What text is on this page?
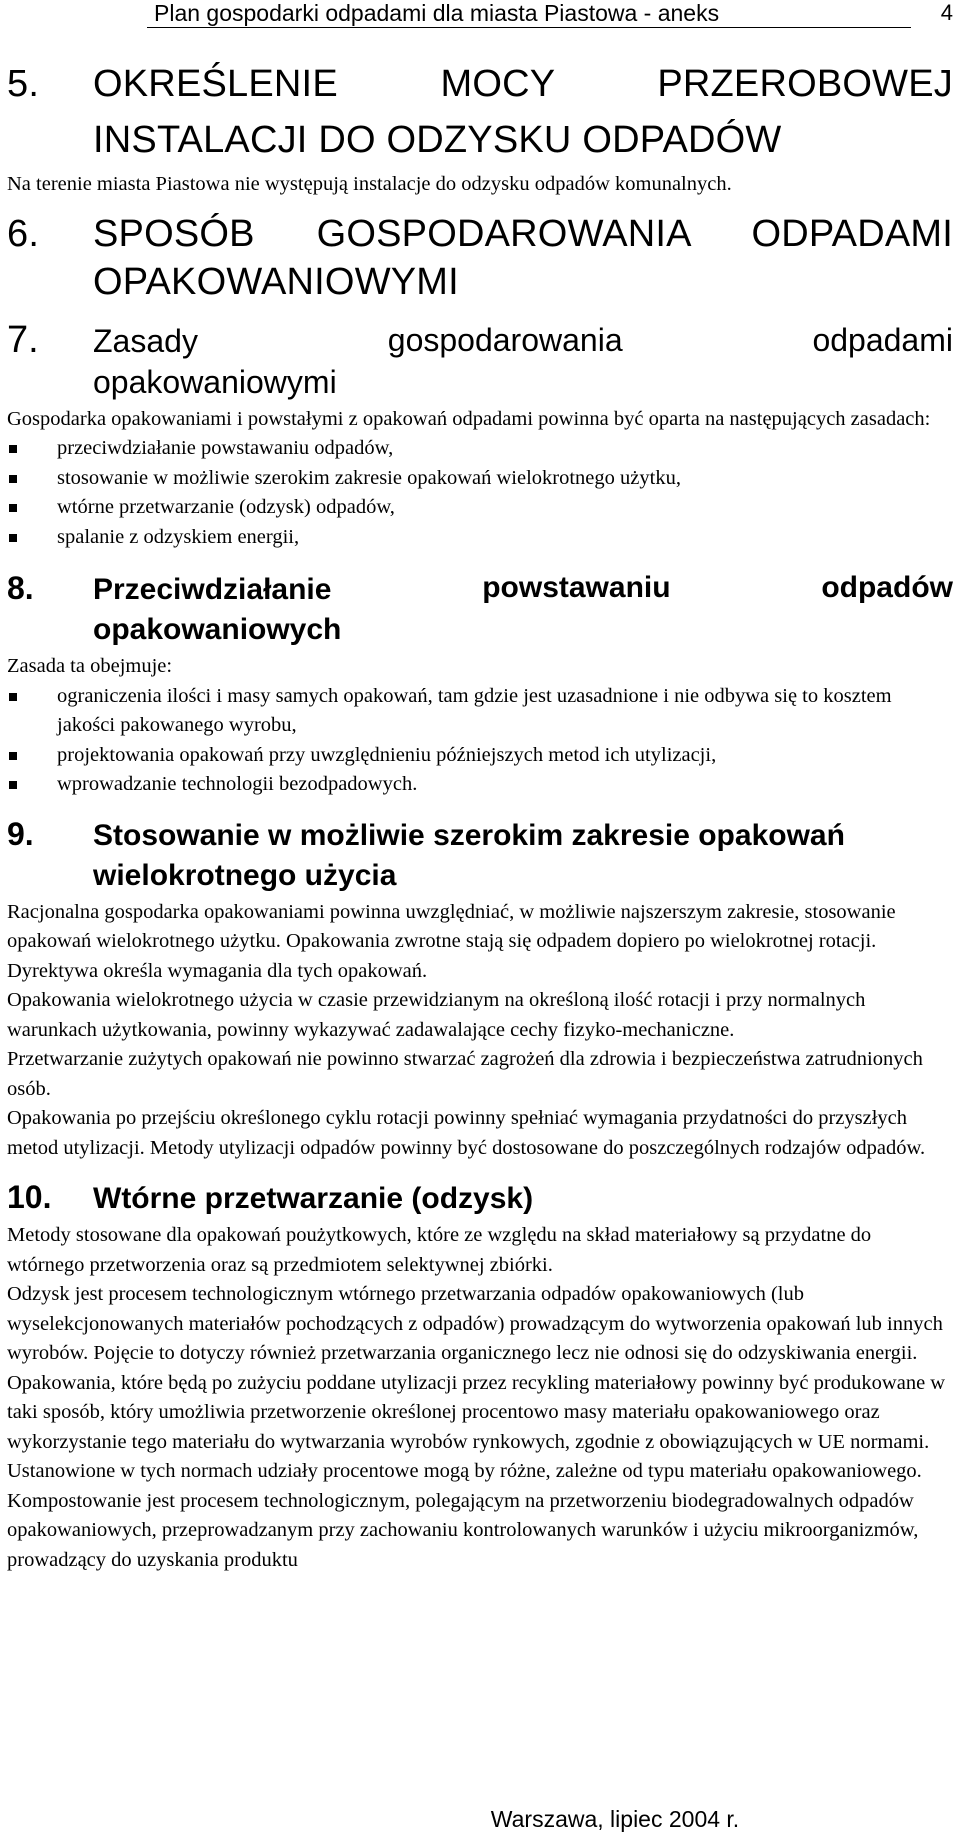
Plan gospodarki odpadami dla miasta Piastowa - aneks	4
5. OKREŚLENIE MOCY PRZEROBOWEJ
INSTALACJI DO ODZYSKU ODPADÓW

Na terenie miasta Piastowa nie występują instalacje do odzysku odpadów komunalnych.

6. SPOSÓB GOSPODAROWANIA ODPADAMI
OPAKOWANIOWYMI
7. Zasady	gospodarowania	odpadami
opakowaniowymi

Gospodarka opakowaniami i powstałymi z opakowań odpadami powinna być oparta na następujących zasadach:

przeciwdziałanie powstawaniu odpadów,
stosowanie w możliwie szerokim zakresie opakowań wielokrotnego użytku,
wtórne przetwarzanie (odzysk) odpadów,
spalanie z odzyskiem energii,
8. Przeciwdziałanie	powstawaniu	odpadów
opakowaniowych

Zasada ta obejmuje:

ograniczenia ilości i masy samych opakowań, tam gdzie jest uzasadnione i nie odbywa się to kosztem jakości pakowanego wyrobu,
projektowania opakowań przy uwzględnieniu późniejszych metod ich utylizacji,
wprowadzanie technologii bezodpadowych.
9. Stosowanie w możliwie szerokim zakresie opakowań
wielokrotnego użycia

Racjonalna gospodarka opakowaniami powinna uwzględniać, w możliwie najszerszym zakresie, stosowanie opakowań wielokrotnego użytku. Opakowania zwrotne stają się odpadem dopiero po wielokrotnej rotacji. Dyrektywa określa wymagania dla tych opakowań.

Opakowania wielokrotnego użycia w czasie przewidzianym na określoną ilość rotacji i przy normalnych warunkach użytkowania, powinny wykazywać zadawalające cechy fizyko-mechaniczne.

Przetwarzanie zużytych opakowań nie powinno stwarzać zagrożeń dla zdrowia i bezpieczeństwa zatrudnionych osób.

Opakowania po przejściu określonego cyklu rotacji powinny spełniać wymagania przydatności do przyszłych metod utylizacji. Metody utylizacji odpadów powinny być dostosowane do poszczególnych rodzajów odpadów.

10. Wtórne przetwarzanie (odzysk)

Metody stosowane dla opakowań poużytkowych, które ze względu na skład materiałowy są przydatne do wtórnego przetworzenia oraz są przedmiotem selektywnej zbiórki.

Odzysk jest procesem technologicznym wtórnego przetwarzania odpadów opakowaniowych (lub wyselekcjonowanych materiałów pochodzących z odpadów) prowadzącym do wytworzenia opakowań lub innych wyrobów. Pojęcie to dotyczy również przetwarzania organicznego lecz nie odnosi się do odzyskiwania energii. Opakowania, które będą po zużyciu poddane utylizacji przez recykling materiałowy powinny być produkowane w taki sposób, który umożliwia przetworzenie określonej procentowo masy materiału opakowaniowego oraz wykorzystanie tego materiału do wytwarzania wyrobów rynkowych, zgodnie z obowiązujących w UE normami. Ustanowione w tych normach udziały procentowe mogą by różne, zależne od typu materiału opakowaniowego.

Kompostowanie jest procesem technologicznym, polegającym na przetworzeniu biodegradowalnych odpadów opakowaniowych, przeprowadzanym przy zachowaniu kontrolowanych warunków i użyciu mikroorganizmów, prowadzący do uzyskania produktu

Warszawa, lipiec 2004 r.
